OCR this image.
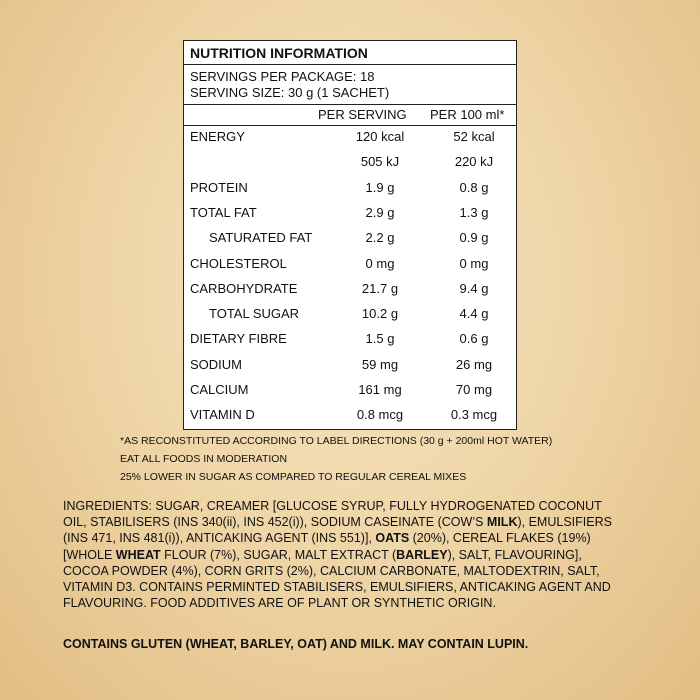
NUTRITION INFORMATION
SERVINGS PER PACKAGE: 18
SERVING SIZE: 30 g (1 SACHET)
PER SERVING PER 100 ml*
ENERGY	120 kcal	52 kcal
505 kJ	220 kJ
PROTEIN	1.9 g	0.8 g
TOTAL FAT	2.9 g	1.3 g
SATURATED FAT	2.2 g	0.9 g
CHOLESTEROL	0 mg	0 mg
CARBOHYDRATE	21.7 g	9.4 g
TOTAL SUGAR	10.2 g	4.4 g
DIETARY FIBRE	1.5 g	0.6 g
SODIUM	59 mg	26 mg
CALCIUM	161 mg	70 mg
VITAMIN D	0.8 mcg	0.3 mcg
*AS RECONSTITUTED ACCORDING TO LABEL DIRECTIONS (30 g + 200ml HOT WATER)
EAT ALL FOODS IN MODERATION
25% LOWER IN SUGAR AS COMPARED TO REGULAR CEREAL MIXES
INGREDIENTS: SUGAR, CREAMER [GLUCOSE SYRUP, FULLY HYDROGENATED COCONUT
OIL, STABILISERS (INS 340(ii), INS 452(i)), SODIUM CASEINATE (COW’S MILK), EMULSIFIERS
(INS 471, INS 481(i)), ANTICAKING AGENT (INS 551)], OATS (20%), CEREAL FLAKES (19%)
[WHOLE WHEAT FLOUR (7%), SUGAR, MALT EXTRACT (BARLEY), SALT, FLAVOURING],
COCOA POWDER (4%), CORN GRITS (2%), CALCIUM CARBONATE, MALTODEXTRIN, SALT,
VITAMIN D3. CONTAINS PERMINTED STABILISERS, EMULSIFIERS, ANTICAKING AGENT AND
FLAVOURING. FOOD ADDITIVES ARE OF PLANT OR SYNTHETIC ORIGIN.
CONTAINS GLUTEN (WHEAT, BARLEY, OAT) AND MILK. MAY CONTAIN LUPIN.
